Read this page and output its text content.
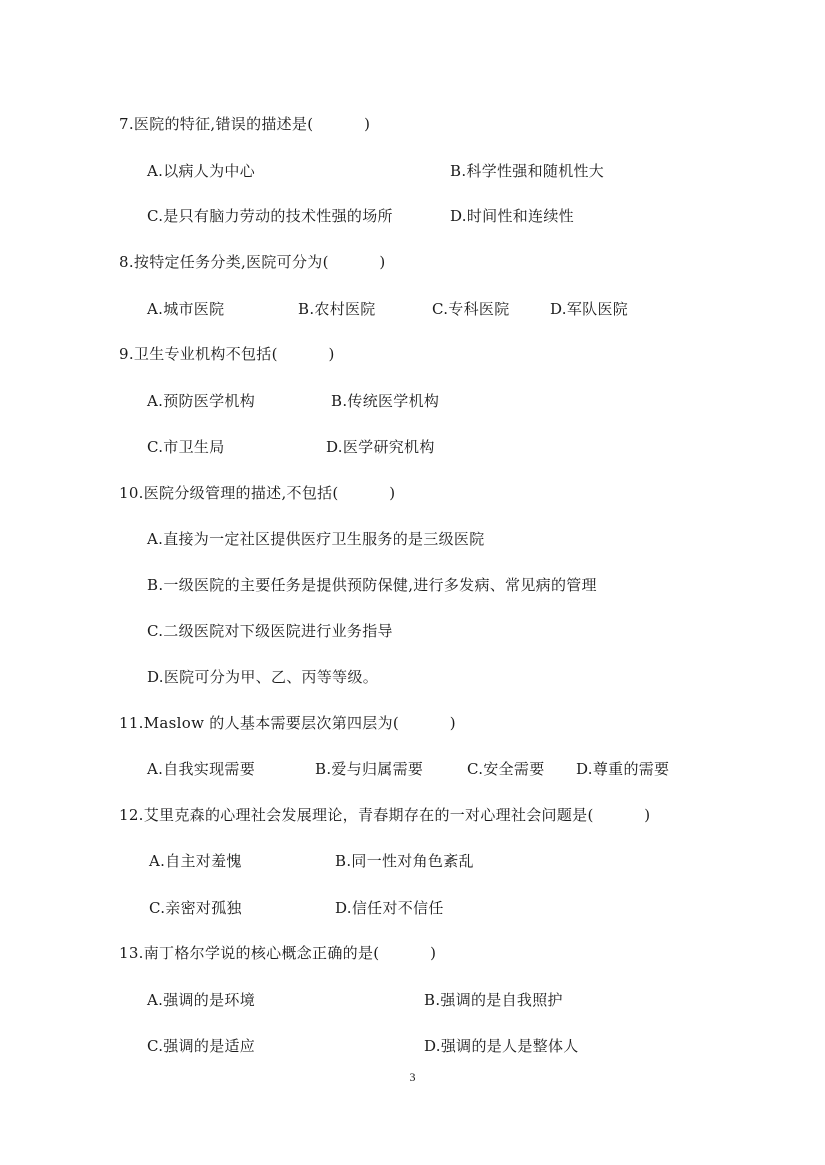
7.医院的特征,错误的描述是(          )
A.以病人为中心	B.科学性强和随机性大
C.是只有脑力劳动的技术性强的场所	D.时间性和连续性
8.按特定任务分类,医院可分为(          )
A.城市医院	B.农村医院	C.专科医院	D.军队医院
9.卫生专业机构不包括(          )
A.预防医学机构	B.传统医学机构
C.市卫生局	D.医学研究机构
10.医院分级管理的描述,不包括(          )
A.直接为一定社区提供医疗卫生服务的是三级医院
B.一级医院的主要任务是提供预防保健,进行多发病、常见病的管理
C.二级医院对下级医院进行业务指导
D.医院可分为甲、乙、丙等等级。
11.Maslow 的人基本需要层次第四层为(          )
A.自我实现需要	B.爱与归属需要	C.安全需要 D.尊重的需要
12.艾里克森的心理社会发展理论，青春期存在的一对心理社会问题是(          )
A.自主对羞愧	B.同一性对角色紊乱
C.亲密对孤独	D.信任对不信任
13.南丁格尔学说的核心概念正确的是(          )
A.强调的是环境	B.强调的是自我照护
C.强调的是适应	D.强调的是人是整体人
3
